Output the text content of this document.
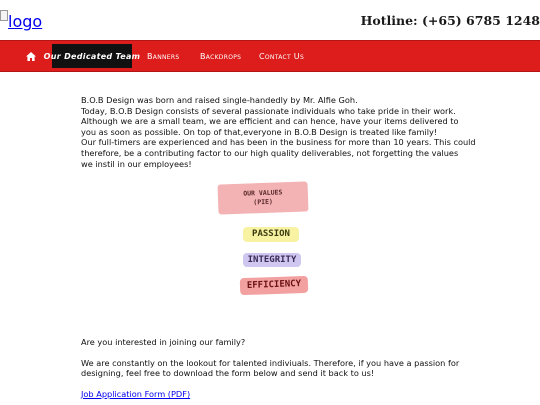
logo	Hotline: (+65) 6785 1248
Our Dedicated Team Banners	Backdrops Contact Us

B.O.B Design was born and raised single-handedly by Mr. Alfie Goh.

Today, B.O.B Design consists of several passionate individuals who take pride in their work.

Although we are a small team, we are efficient and can hence, have your items delivered to

you as soon as possible. On top of that,everyone in B.O.B Design is treated like family!

Our full-timers are experienced and has been in the business for more than 10 years. This could

therefore, be a contributing factor to our high quality deliverables, not forgetting the values

we instil in our employees!

OUR VALUES
(PIE)
PASSION
INTEGRITY
EFFICIENCY

Are you interested in joining our family?

We are constantly on the lookout for talented indiviuals. Therefore, if you have a passion for designing, feel free to download the form below and send it back to us!

Job Application Form (PDF)
